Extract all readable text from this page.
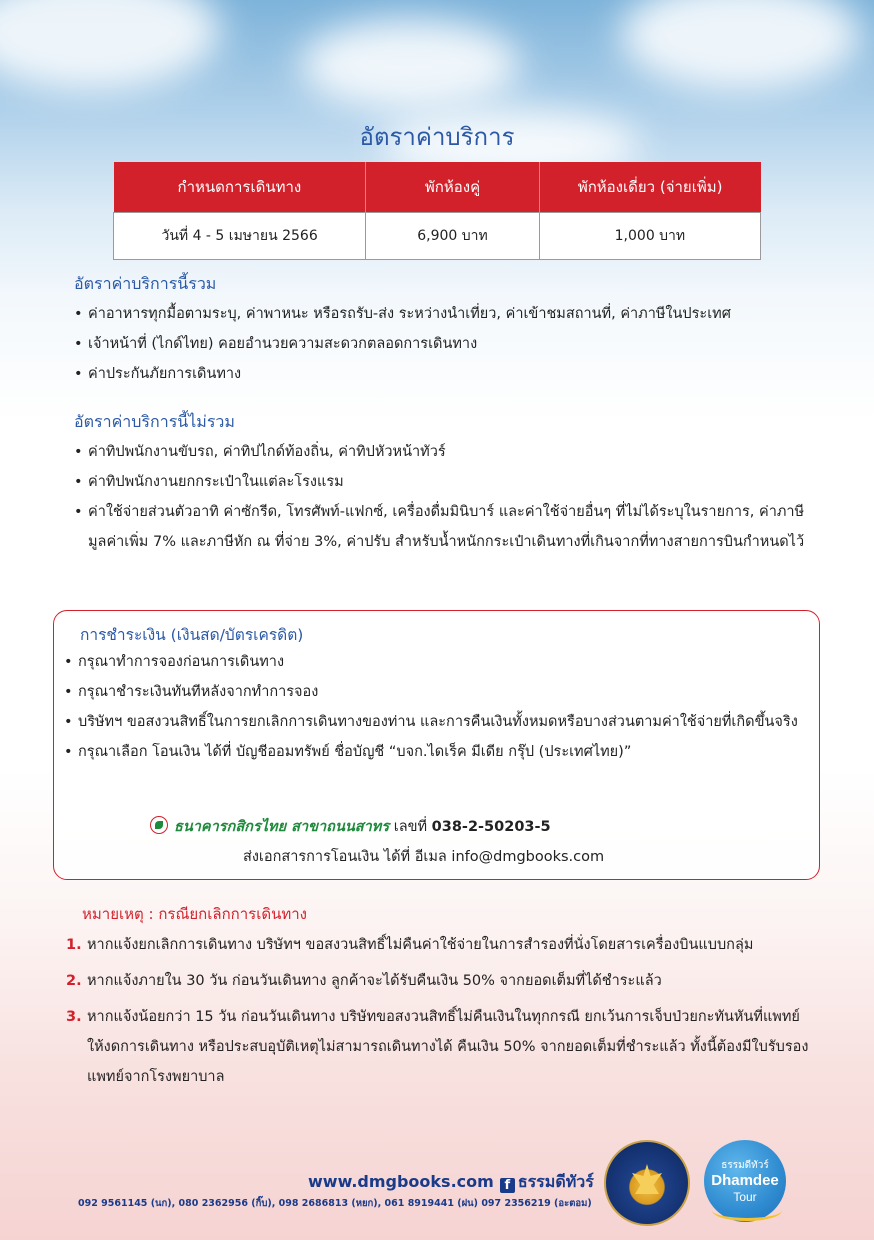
อัตราค่าบริการ
กำหนดการเดินทาง	พักห้องคู่	พักห้องเดี่ยว (จ่ายเพิ่ม)
วันที่ 4 - 5 เมษายน 2566	6,900 บาท	1,000 บาท
อัตราค่าบริการนี้รวม
• ค่าอาหารทุกมื้อตามระบุ, ค่าพาหนะ หรือรถรับ-ส่ง ระหว่างนำเที่ยว, ค่าเข้าชมสถานที่, ค่าภาษีในประเทศ
• เจ้าหน้าที่ (ไกด์ไทย) คอยอำนวยความสะดวกตลอดการเดินทาง
• ค่าประกันภัยการเดินทาง
อัตราค่าบริการนี้ไม่รวม
• ค่าทิปพนักงานขับรถ, ค่าทิปไกด์ท้องถิ่น, ค่าทิปหัวหน้าทัวร์
• ค่าทิปพนักงานยกกระเป๋าในแต่ละโรงแรม
• ค่าใช้จ่ายส่วนตัวอาทิ ค่าซักรีด, โทรศัพท์-แฟกซ์, เครื่องดื่มมินิบาร์ และค่าใช้จ่ายอื่นๆ ที่ไม่ได้ระบุในรายการ, ค่าภาษีมูลค่าเพิ่ม 7% และภาษีหัก ณ ที่จ่าย 3%, ค่าปรับ สำหรับน้ำหนักกระเป๋าเดินทางที่เกินจากที่ทางสายการบินกำหนดไว้
การชำระเงิน (เงินสด/บัตรเครดิต)
• กรุณาทำการจองก่อนการเดินทาง
• กรุณาชำระเงินทันทีหลังจากทำการจอง
• บริษัทฯ ขอสงวนสิทธิ์ในการยกเลิกการเดินทางของท่าน และการคืนเงินทั้งหมดหรือบางส่วนตามค่าใช้จ่ายที่เกิดขึ้นจริง
• กรุณาเลือก โอนเงิน ได้ที่ บัญชีออมทรัพย์ ชื่อบัญชี “บจก.ไดเร็ค มีเดีย กรุ๊ป (ประเทศไทย)”
ธนาคารกสิกรไทย สาขาถนนสาทร เลขที่ 038-2-50203-5
ส่งเอกสารการโอนเงิน ได้ที่ อีเมล info@dmgbooks.com
หมายเหตุ : กรณียกเลิกการเดินทาง
1. หากแจ้งยกเลิกการเดินทาง บริษัทฯ ขอสงวนสิทธิ์ไม่คืนค่าใช้จ่ายในการสำรองที่นั่งโดยสารเครื่องบินแบบกลุ่ม
2. หากแจ้งภายใน 30 วัน ก่อนวันเดินทาง ลูกค้าจะได้รับคืนเงิน 50% จากยอดเต็มที่ได้ชำระแล้ว
3. หากแจ้งน้อยกว่า 15 วัน ก่อนวันเดินทาง บริษัทขอสงวนสิทธิ์ไม่คืนเงินในทุกกรณี ยกเว้นการเจ็บป่วยกะทันหันที่แพทย์ให้งดการเดินทาง หรือประสบอุบัติเหตุไม่สามารถเดินทางได้ คืนเงิน 50% จากยอดเต็มที่ชำระแล้ว ทั้งนี้ต้องมีใบรับรองแพทย์จากโรงพยาบาล
www.dmgbooks.com f ธรรมดีทัวร์
092 9561145 (นก), 080 2362956 (กิ๊บ), 098 2686813 (หยก), 061 8919441 (ฝน) 097 2356219 (อะตอม)
ธรรมดีทัวร์
Dhamdee
Tour
